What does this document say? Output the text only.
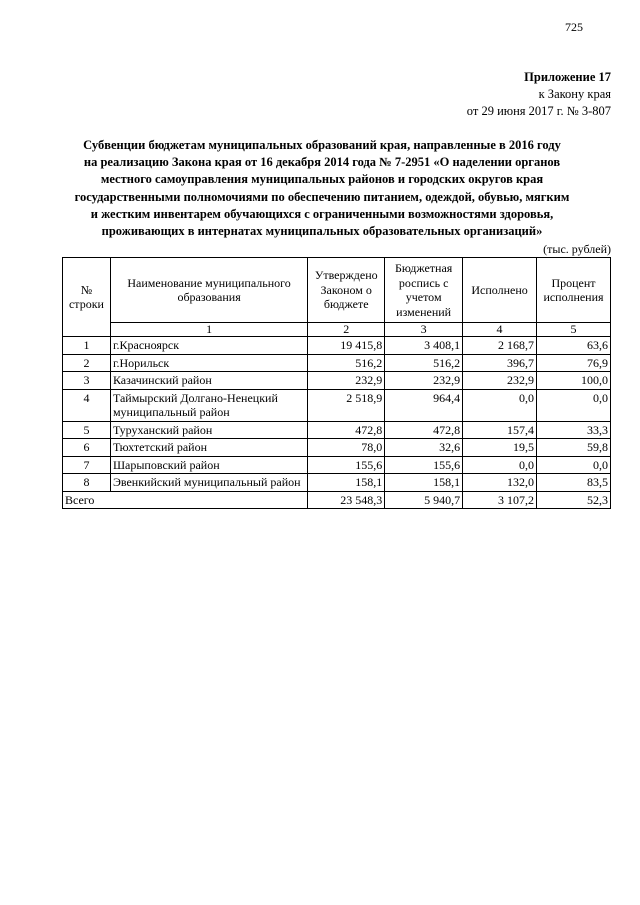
725
Приложение 17
к Закону края
от 29 июня 2017 г. № 3-807
Субвенции бюджетам муниципальных образований края, направленные в 2016 году
на реализацию Закона края от 16 декабря 2014 года № 7-2951 «О наделении органов
местного самоуправления муниципальных районов и городских округов края
государственными полномочиями по обеспечению питанием, одеждой, обувью, мягким
и жестким инвентарем обучающихся с ограниченными возможностями здоровья,
проживающих в интернатах муниципальных образовательных организаций»
(тыс. рублей)
№ строки	Наименование муниципального образования	Утверждено Законом о бюджете	Бюджетная роспись с учетом изменений	Исполнено	Процент исполнения
	1	2	3	4	5
1	г.Красноярск	19 415,8	3 408,1	2 168,7	63,6
2	г.Норильск	516,2	516,2	396,7	76,9
3	Казачинский район	232,9	232,9	232,9	100,0
4	Таймырский Долгано-Ненецкий муниципальный район	2 518,9	964,4	0,0	0,0
5	Туруханский район	472,8	472,8	157,4	33,3
6	Тюхтетский район	78,0	32,6	19,5	59,8
7	Шарыповский район	155,6	155,6	0,0	0,0
8	Эвенкийский муниципальный район	158,1	158,1	132,0	83,5
Всего		23 548,3	5 940,7	3 107,2	52,3
